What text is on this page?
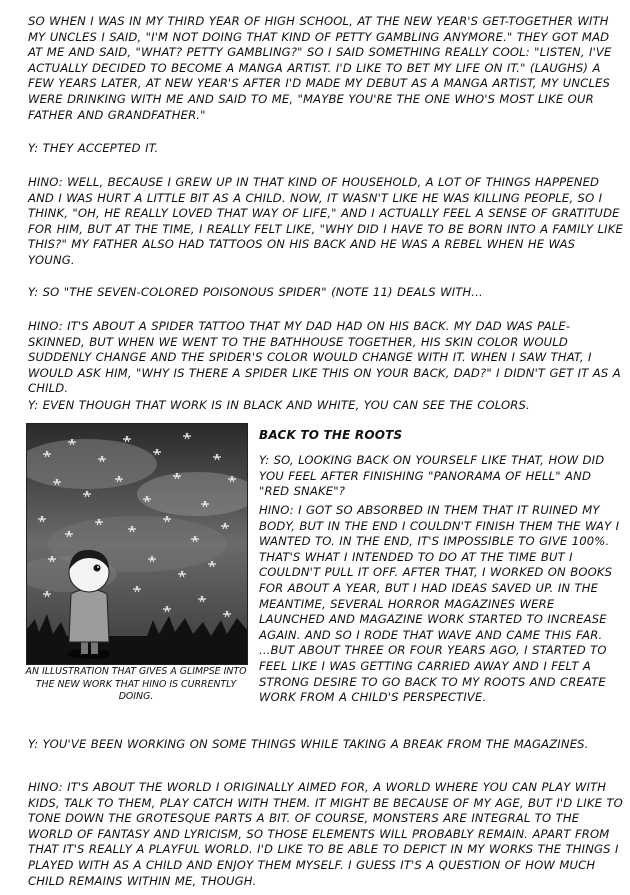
SO WHEN I WAS IN MY THIRD YEAR OF HIGH SCHOOL, AT THE NEW YEAR'S GET-TOGETHER WITH MY UNCLES I SAID, "I'M NOT DOING THAT KIND OF PETTY GAMBLING ANYMORE." THEY GOT MAD AT ME AND SAID, "WHAT? PETTY GAMBLING?" SO I SAID SOMETHING REALLY COOL: "LISTEN, I'VE ACTUALLY DECIDED TO BECOME A MANGA ARTIST. I'D LIKE TO BET MY LIFE ON IT." (LAUGHS) A FEW YEARS LATER, AT NEW YEAR'S AFTER I'D MADE MY DEBUT AS A MANGA ARTIST, MY UNCLES WERE DRINKING WITH ME AND SAID TO ME, "MAYBE YOU'RE THE ONE WHO'S MOST LIKE OUR FATHER AND GRANDFATHER."

Y: THEY ACCEPTED IT.

HINO: WELL, BECAUSE I GREW UP IN THAT KIND OF HOUSEHOLD, A LOT OF THINGS HAPPENED AND I WAS HURT A LITTLE BIT AS A CHILD. NOW, IT WASN'T LIKE HE WAS KILLING PEOPLE, SO I THINK, "OH, HE REALLY LOVED THAT WAY OF LIFE," AND I ACTUALLY FEEL A SENSE OF GRATITUDE FOR HIM, BUT AT THE TIME, I REALLY FELT LIKE, "WHY DID I HAVE TO BE BORN INTO A FAMILY LIKE THIS?" MY FATHER ALSO HAD TATTOOS ON HIS BACK AND HE WAS A REBEL WHEN HE WAS YOUNG.

Y: SO "THE SEVEN-COLORED POISONOUS SPIDER" (NOTE 11) DEALS WITH...

HINO: IT'S ABOUT A SPIDER TATTOO THAT MY DAD HAD ON HIS BACK. MY DAD WAS PALE-SKINNED, BUT WHEN WE WENT TO THE BATHHOUSE TOGETHER, HIS SKIN COLOR WOULD SUDDENLY CHANGE AND THE SPIDER'S COLOR WOULD CHANGE WITH IT. WHEN I SAW THAT, I WOULD ASK HIM, "WHY IS THERE A SPIDER LIKE THIS ON YOUR BACK, DAD?" I DIDN'T GET IT AS A CHILD.

Y: EVEN THOUGH THAT WORK IS IN BLACK AND WHITE, YOU CAN SEE THE COLORS.

AN ILLUSTRATION THAT GIVES A GLIMPSE INTO THE NEW WORK THAT HINO IS CURRENTLY DOING.

BACK TO THE ROOTS

Y: SO, LOOKING BACK ON YOURSELF LIKE THAT, HOW DID YOU FEEL AFTER FINISHING "PANORAMA OF HELL" AND "RED SNAKE"?

HINO: I GOT SO ABSORBED IN THEM THAT IT RUINED MY BODY, BUT IN THE END I COULDN'T FINISH THEM THE WAY I WANTED TO. IN THE END, IT'S IMPOSSIBLE TO GIVE 100%. THAT'S WHAT I INTENDED TO DO AT THE TIME BUT I COULDN'T PULL IT OFF. AFTER THAT, I WORKED ON BOOKS FOR ABOUT A YEAR, BUT I HAD IDEAS SAVED UP. IN THE MEANTIME, SEVERAL HORROR MAGAZINES WERE LAUNCHED AND MAGAZINE WORK STARTED TO INCREASE AGAIN. AND SO I RODE THAT WAVE AND CAME THIS FAR. ...BUT ABOUT THREE OR FOUR YEARS AGO, I STARTED TO FEEL LIKE I WAS GETTING CARRIED AWAY AND I FELT A STRONG DESIRE TO GO BACK TO MY ROOTS AND CREATE WORK FROM A CHILD'S PERSPECTIVE.

Y: YOU'VE BEEN WORKING ON SOME THINGS WHILE TAKING A BREAK FROM THE MAGAZINES.

HINO: IT'S ABOUT THE WORLD I ORIGINALLY AIMED FOR, A WORLD WHERE YOU CAN PLAY WITH KIDS, TALK TO THEM, PLAY CATCH WITH THEM. IT MIGHT BE BECAUSE OF MY AGE, BUT I'D LIKE TO TONE DOWN THE GROTESQUE PARTS A BIT. OF COURSE, MONSTERS ARE INTEGRAL TO THE WORLD OF FANTASY AND LYRICISM, SO THOSE ELEMENTS WILL PROBABLY REMAIN. APART FROM THAT IT'S REALLY A PLAYFUL WORLD. I'D LIKE TO BE ABLE TO DEPICT IN MY WORKS THE THINGS I PLAYED WITH AS A CHILD AND ENJOY THEM MYSELF. I GUESS IT'S A QUESTION OF HOW MUCH CHILD REMAINS WITHIN ME, THOUGH.
